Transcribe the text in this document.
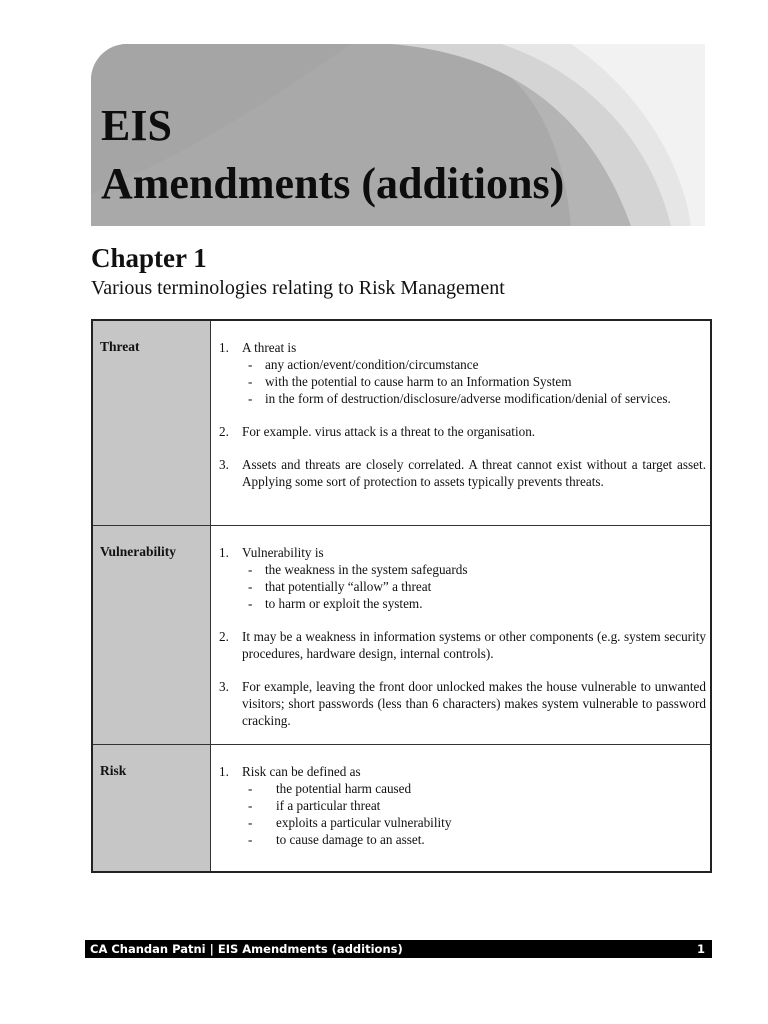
EIS
Amendments (additions)
Chapter 1
Various terminologies relating to Risk Management
Threat	1. A threat is
- any action/event/condition/circumstance
- with the potential to cause harm to an Information System
- in the form of destruction/disclosure/adverse modification/denial of services.
2. For example. virus attack is a threat to the organisation.
3. Assets and threats are closely correlated. A threat cannot exist without a target asset. Applying some sort of protection to assets typically prevents threats.
Vulnerability	1. Vulnerability is
- the weakness in the system safeguards
- that potentially “allow” a threat
- to harm or exploit the system.
2. It may be a weakness in information systems or other components (e.g. system security procedures, hardware design, internal controls).
3. For example, leaving the front door unlocked makes the house vulnerable to unwanted visitors; short passwords (less than 6 characters) makes system vulnerable to password cracking.
Risk	1. Risk can be defined as
-	the potential harm caused
-	if a particular threat
-	exploits a particular vulnerability
-	to cause damage to an asset.
CA Chandan Patni | EIS Amendments (additions)	1
